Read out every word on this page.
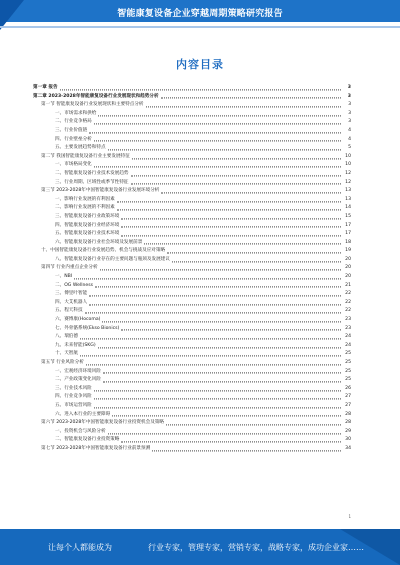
智能康复设备企业穿越周期策略研究报告
内容目录
第一章 报告	3
第二章 2023-2028年智能康复设备行业发展现状和趋势分析	3
第一节 智能康复设备行业发展现状和主要特点分析	3
一、市场需求和供给	3
二、行业竞争格局	3
三、行业价值链	4
四、行业壁垒分析	4
五、主要发展趋势和特点	5
第二节 我国智能康复设备行业主要发展特征	10
一、市场格局变化	10
二、智能康复设备行业技术发展趋势	12
三、行业周期、区域性或季节性特征	12
第三节 2023-2028年中国智能康复设备行业发展环境分析	13
一、影响行业发展的有利因素	13
二、影响行业发展的不利因素	14
三、智能康复设备行业政策环境	15
四、智能康复设备行业经济环境	17
五、智能康复设备行业技术环境	17
六、智能康复设备行业社会环境及发展前景	18
十、中国智能康复设备行业发展趋势、机会与挑战及应对策略	19
八、智能康复设备行业存在的主要问题与瓶颈及发展建议	20
第四节 行业内重点企业分析	20
一、NBI	20
二、OG Wellness	21
三、傅里叶智能	22
四、大艾机器人	22
五、程天科技	22
六、赛博康(Hocoma)	23
七、外骨骼系统(Ekso Bionics)	23
八、瑞伯德	24
九、未来智能(SKG)	24
十、天智航	25
第五节 行业风险分析	25
一、宏观经济环境风险	25
二、产业政策变化风险	25
三、行业技术风险	26
四、行业竞争风险	27
五、市场运营风险	27
六、进入本行业的主要障碍	28
第六节 2023-2028年中国智能康复设备行业投资机会及策略	28
一、投资机会与风险分析	29
二、智能康复设备行业投资策略	30
第七节 2023-2028年中国智能康复设备行业前景预测	34
1
让每个人都能成为	行业专家，管理专家，营销专家，战略专家，成功企业家……
